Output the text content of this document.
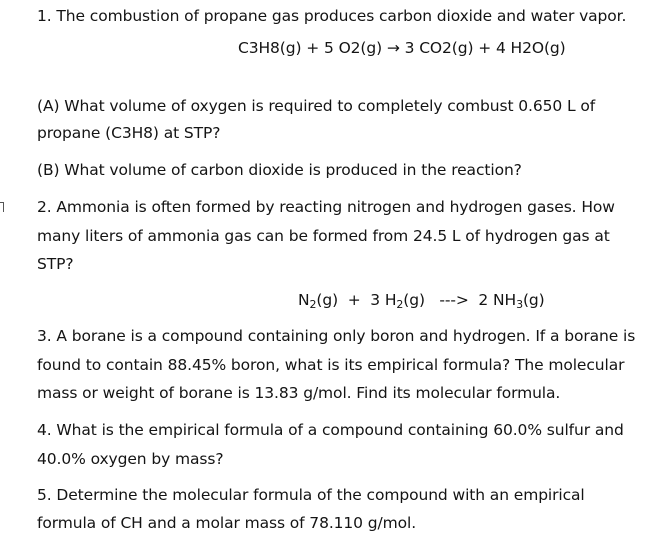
1. The combustion of propane gas produces carbon dioxide and water vapor.
C3H8(g) + 5 O2(g) → 3 CO2(g) + 4 H2O(g)
(A) What volume of oxygen is required to completely combust 0.650 L of
propane (C3H8) at STP?
(B) What volume of carbon dioxide is produced in the reaction?
2. Ammonia is often formed by reacting nitrogen and hydrogen gases. How
many liters of ammonia gas can be formed from 24.5 L of hydrogen gas at
STP?
$N_2(g) + 3$ $H_2(g)$   --->  2 $NH_3(g)$
3. A borane is a compound containing only boron and hydrogen. If a borane is
found to contain 88.45% boron, what is its empirical formula? The molecular
mass or weight of borane is 13.83 g/mol. Find its molecular formula.
4. What is the empirical formula of a compound containing 60.0% sulfur and
40.0% oxygen by mass?
5. Determine the molecular formula of the compound with an empirical
formula of CH and a molar mass of 78.110 g/mol.
